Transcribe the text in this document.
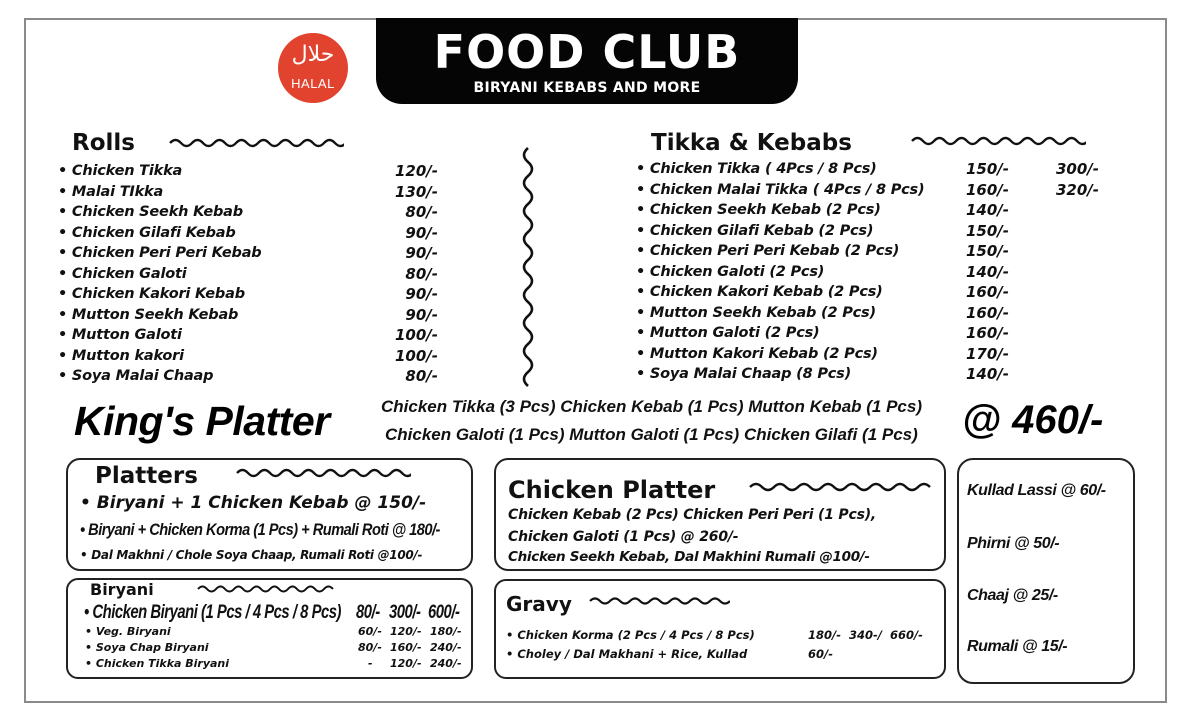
حلال
HALAL
FOOD CLUB
BIRYANI KEBABS AND MORE
Rolls
• Chicken Tikka	120/-
• Malai TIkka	130/-
• Chicken Seekh Kebab	80/-
• Chicken Gilafi Kebab	90/-
• Chicken Peri Peri Kebab	90/-
• Chicken Galoti	80/-
• Chicken Kakori Kebab	90/-
• Mutton Seekh Kebab	90/-
• Mutton Galoti	100/-
• Mutton kakori	100/-
• Soya Malai Chaap	80/-
Tikka & Kebabs
• Chicken Tikka ( 4Pcs / 8 Pcs)	150/-	300/-
• Chicken Malai Tikka ( 4Pcs / 8 Pcs)	160/-	320/-
• Chicken Seekh Kebab (2 Pcs)	140/-
• Chicken Gilafi Kebab (2 Pcs)	150/-
• Chicken Peri Peri Kebab (2 Pcs)	150/-
• Chicken Galoti (2 Pcs)	140/-
• Chicken Kakori Kebab (2 Pcs)	160/-
• Mutton Seekh Kebab (2 Pcs)	160/-
• Mutton Galoti (2 Pcs)	160/-
• Mutton Kakori Kebab (2 Pcs)	170/-
• Soya Malai Chaap (8 Pcs)	140/-
King's Platter	Chicken Tikka (3 Pcs) Chicken Kebab (1 Pcs) Mutton Kebab (1 Pcs)
Chicken Galoti (1 Pcs) Mutton Galoti (1 Pcs) Chicken Gilafi (1 Pcs) @ 460/-
Platters
• Biryani + 1 Chicken Kebab @ 150/-
• Biryani + Chicken Korma (1 Pcs) + Rumali Roti @ 180/-
• Dal Makhni / Chole Soya Chaap, Rumali Roti @100/-
Biryani
• Chicken Biryani (1 Pcs / 4 Pcs / 8 Pcs) 80/- 300/- 600/-
• Veg. Biryani	60/- 120/- 180/-
• Soya Chap Biryani	80/- 160/- 240/-
• Chicken Tikka Biryani	- 120/- 240/-
Chicken Platter
Chicken Kebab (2 Pcs) Chicken Peri Peri (1 Pcs),
Chicken Galoti (1 Pcs) @ 260/-
Chicken Seekh Kebab, Dal Makhini Rumali @100/-
Gravy
• Chicken Korma (2 Pcs / 4 Pcs / 8 Pcs)	180/-  340-/  660/-
• Choley / Dal Makhani + Rice, Kullad	60/-
Kullad Lassi @ 60/-
Phirni @ 50/-
Chaaj @ 25/-
Rumali @ 15/-
